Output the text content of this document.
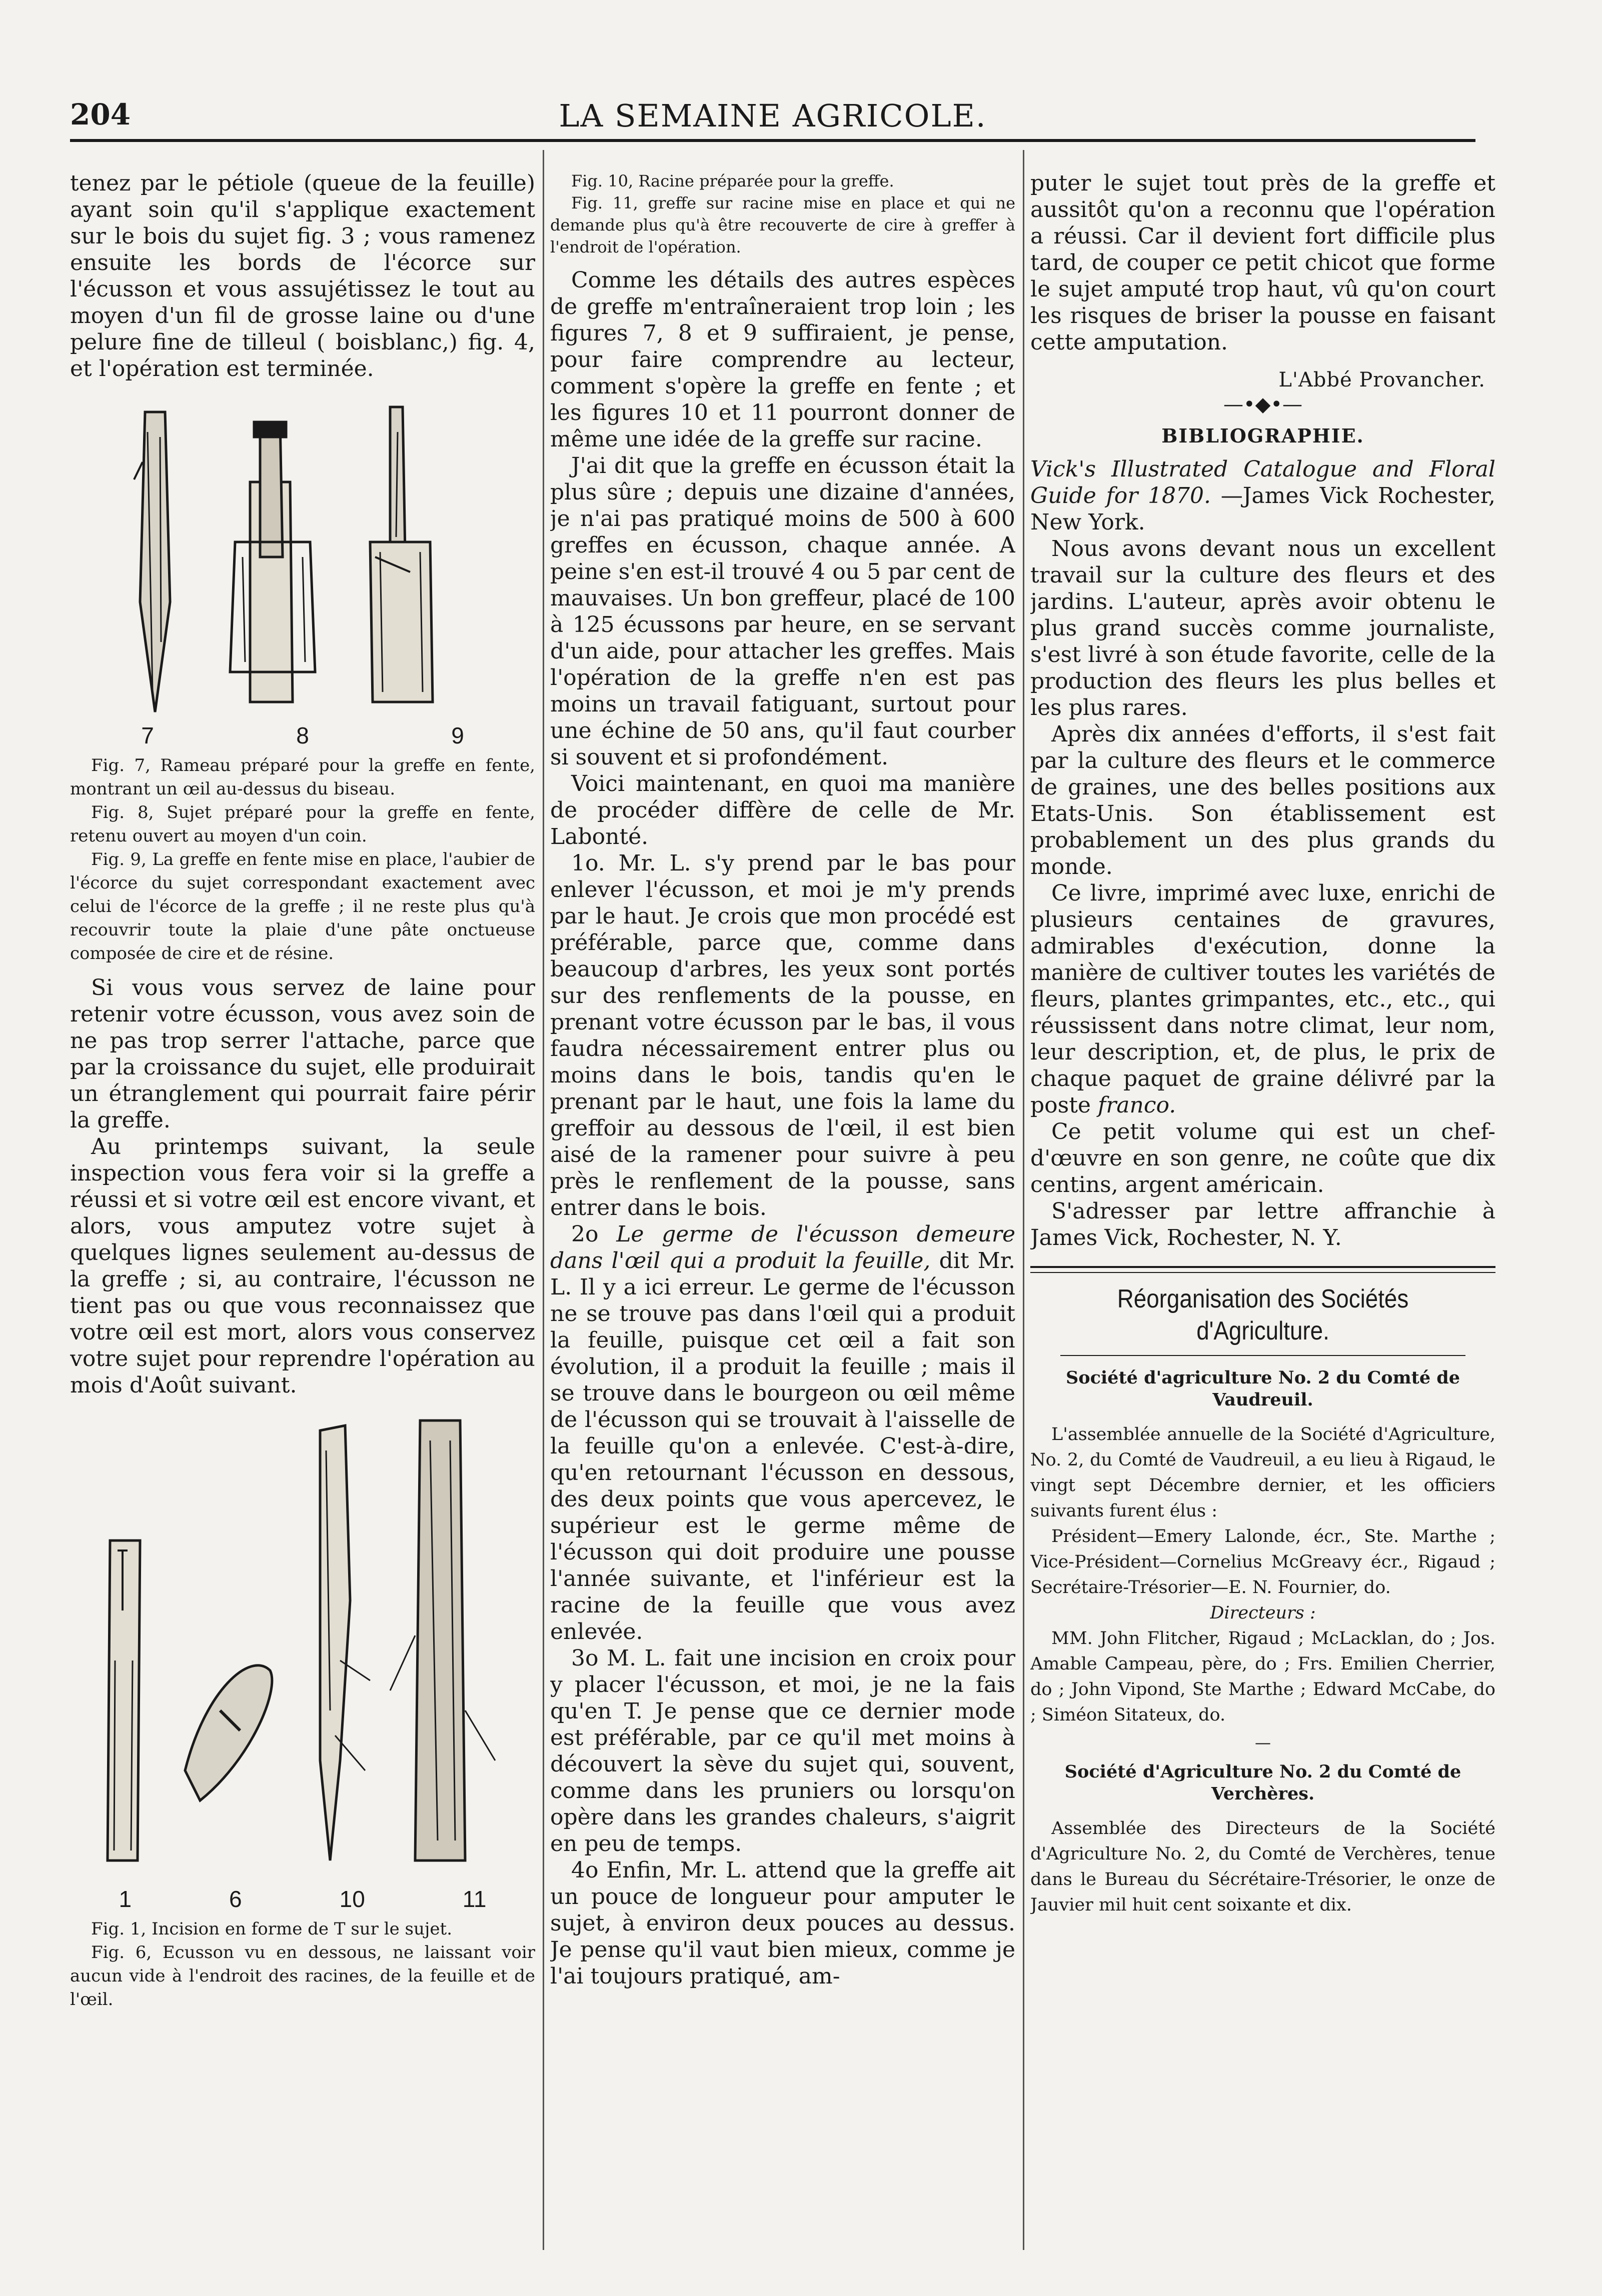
204	LA SEMAINE AGRICOLE.

tenez par le pétiole (queue de la feuille) ayant soin qu'il s'applique exactement sur le bois du sujet fig. 3 ; vous ramenez ensuite les bords de l'écorce sur l'écusson et vous assujétissez le tout au moyen d'un fil de grosse laine ou d'une pelure fine de tilleul ( boisblanc,) fig. 4, et l'opération est terminée.

7	8	9

Fig. 7, Rameau préparé pour la greffe en fente, montrant un œil au-dessus du biseau.

Fig. 8, Sujet préparé pour la greffe en fente, retenu ouvert au moyen d'un coin.

Fig. 9, La greffe en fente mise en place, l'aubier de l'écorce du sujet correspondant exactement avec celui de l'écorce de la greffe ; il ne reste plus qu'à recouvrir toute la plaie d'une pâte onctueuse composée de cire et de résine.

Si vous vous servez de laine pour retenir votre écusson, vous avez soin de ne pas trop serrer l'attache, parce que par la croissance du sujet, elle produirait un étranglement qui pourrait faire périr la greffe.

Au printemps suivant, la seule inspection vous fera voir si la greffe a réussi et si votre œil est encore vivant, et alors, vous amputez votre sujet à quelques lignes seulement au-dessus de la greffe ; si, au contraire, l'écusson ne tient pas ou que vous reconnaissez que votre œil est mort, alors vous conservez votre sujet pour reprendre l'opération au mois d'Août suivant.

1	6	10	11

Fig. 1, Incision en forme de T sur le sujet.

Fig. 6, Ecusson vu en dessous, ne laissant voir aucun vide à l'endroit des racines, de la feuille et de l'œil.

Fig. 10, Racine préparée pour la greffe.

Fig. 11, greffe sur racine mise en place et qui ne demande plus qu'à être recouverte de cire à greffer à l'endroit de l'opération.

Comme les détails des autres espèces de greffe m'entraîneraient trop loin ; les figures 7, 8 et 9 suffiraient, je pense, pour faire comprendre au lecteur, comment s'opère la greffe en fente ; et les figures 10 et 11 pourront donner de même une idée de la greffe sur racine.

J'ai dit que la greffe en écusson était la plus sûre ; depuis une dizaine d'années, je n'ai pas pratiqué moins de 500 à 600 greffes en écusson, chaque année. A peine s'en est-il trouvé 4 ou 5 par cent de mauvaises. Un bon greffeur, placé de 100 à 125 écussons par heure, en se servant d'un aide, pour attacher les greffes. Mais l'opération de la greffe n'en est pas moins un travail fatiguant, surtout pour une échine de 50 ans, qu'il faut courber si souvent et si profondément.

Voici maintenant, en quoi ma manière de procéder diffère de celle de Mr. Labonté.

1o. Mr. L. s'y prend par le bas pour enlever l'écusson, et moi je m'y prends par le haut. Je crois que mon procédé est préférable, parce que, comme dans beaucoup d'arbres, les yeux sont portés sur des renflements de la pousse, en prenant votre écusson par le bas, il vous faudra nécessairement entrer plus ou moins dans le bois, tandis qu'en le prenant par le haut, une fois la lame du greffoir au dessous de l'œil, il est bien aisé de la ramener pour suivre à peu près le renflement de la pousse, sans entrer dans le bois.

2o Le germe de l'écusson demeure dans l'œil qui a produit la feuille, dit Mr. L. Il y a ici erreur. Le germe de l'écusson ne se trouve pas dans l'œil qui a produit la feuille, puisque cet œil a fait son évolution, il a produit la feuille ; mais il se trouve dans le bourgeon ou œil même de l'écusson qui se trouvait à l'aisselle de la feuille qu'on a enlevée. C'est-à-dire, qu'en retournant l'écusson en dessous, des deux points que vous apercevez, le supérieur est le germe même de l'écusson qui doit produire une pousse l'année suivante, et l'inférieur est la racine de la feuille que vous avez enlevée.

3o M. L. fait une incision en croix pour y placer l'écusson, et moi, je ne la fais qu'en T. Je pense que ce dernier mode est préférable, par ce qu'il met moins à découvert la sève du sujet qui, souvent, comme dans les pruniers ou lorsqu'on opère dans les grandes chaleurs, s'aigrit en peu de temps.

4o Enfin, Mr. L. attend que la greffe ait un pouce de longueur pour amputer le sujet, à environ deux pouces au dessus. Je pense qu'il vaut bien mieux, comme je l'ai toujours pratiqué, am-

puter le sujet tout près de la greffe et aussitôt qu'on a reconnu que l'opération a réussi. Car il devient fort difficile plus tard, de couper ce petit chicot que forme le sujet amputé trop haut, vû qu'on court les risques de briser la pousse en faisant cette amputation.

L'Abbé Provancher.
—•◆•—
BIBLIOGRAPHIE.

Vick's Illustrated Catalogue and Floral Guide for 1870. —James Vick Rochester, New York.

Nous avons devant nous un excellent travail sur la culture des fleurs et des jardins. L'auteur, après avoir obtenu le plus grand succès comme journaliste, s'est livré à son étude favorite, celle de la production des fleurs les plus belles et les plus rares.

Après dix années d'efforts, il s'est fait par la culture des fleurs et le commerce de graines, une des belles positions aux Etats-Unis. Son établissement est probablement un des plus grands du monde.

Ce livre, imprimé avec luxe, enrichi de plusieurs centaines de gravures, admirables d'exécution, donne la manière de cultiver toutes les variétés de fleurs, plantes grimpantes, etc., etc., qui réussissent dans notre climat, leur nom, leur description, et, de plus, le prix de chaque paquet de graine délivré par la poste franco.

Ce petit volume qui est un chef-d'œuvre en son genre, ne coûte que dix centins, argent américain.

S'adresser par lettre affranchie à James Vick, Rochester, N. Y.

Réorganisation des Sociétés d'Agriculture.
Société d'agriculture No. 2 du Comté de Vaudreuil.

L'assemblée annuelle de la Société d'Agriculture, No. 2, du Comté de Vaudreuil, a eu lieu à Rigaud, le vingt sept Décembre dernier, et les officiers suivants furent élus :

Président—Emery Lalonde, écr., Ste. Marthe ; Vice-Président—Cornelius McGreavy écr., Rigaud ; Secrétaire-Trésorier—E. N. Fournier, do.

Directeurs :

MM. John Flitcher, Rigaud ; McLacklan, do ; Jos. Amable Campeau, père, do ; Frs. Emilien Cherrier, do ; John Vipond, Ste Marthe ; Edward McCabe, do ; Siméon Sitateux, do.

—
Société d'Agriculture No. 2 du Comté de Verchères.

Assemblée des Directeurs de la Société d'Agriculture No. 2, du Comté de Verchères, tenue dans le Bureau du Sécrétaire-Trésorier, le onze de Jauvier mil huit cent soixante et dix.
